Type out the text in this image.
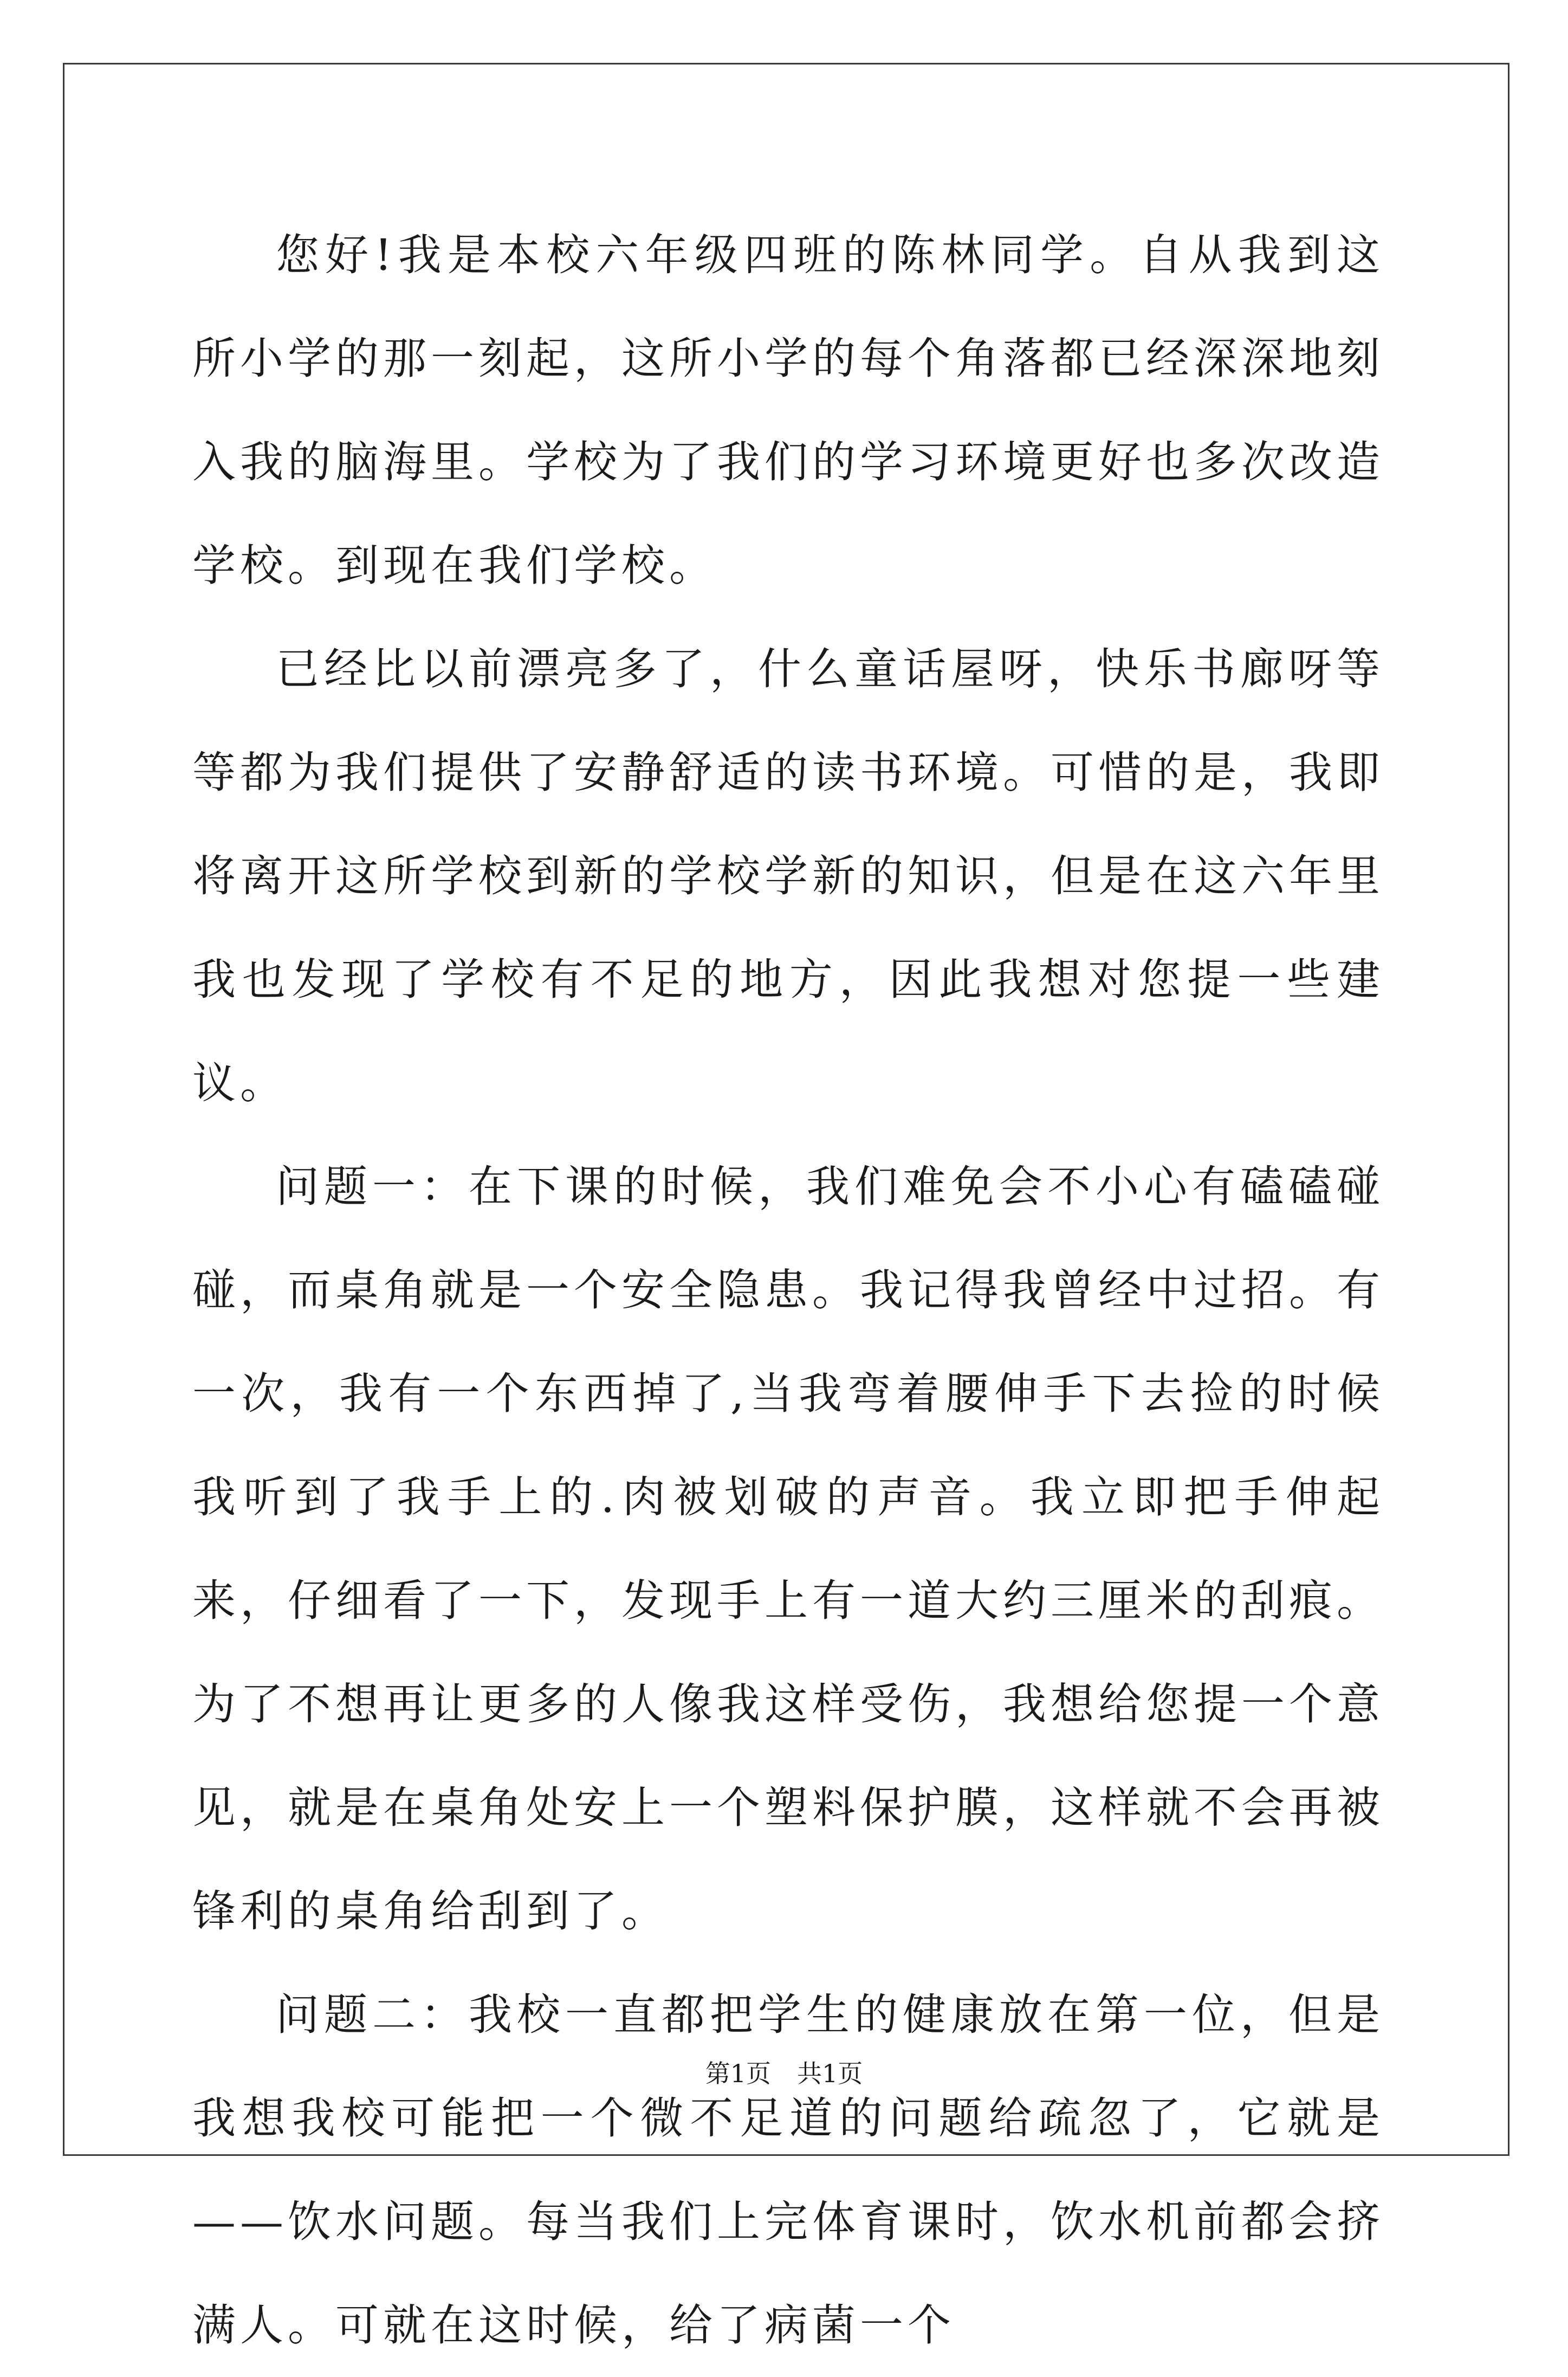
您好!我是本校六年级四班的陈林同学。自从我到这所小学的那一刻起，这所小学的每个角落都已经深深地刻入我的脑海里。学校为了我们的学习环境更好也多次改造学校。到现在我们学校。

已经比以前漂亮多了，什么童话屋呀，快乐书廊呀等等都为我们提供了安静舒适的读书环境。可惜的是，我即将离开这所学校到新的学校学新的知识，但是在这六年里我也发现了学校有不足的地方，因此我想对您提一些建议。

问题一：在下课的时候，我们难免会不小心有磕磕碰碰，而桌角就是一个安全隐患。我记得我曾经中过招。有一次，我有一个东西掉了,当我弯着腰伸手下去捡的时候我听到了我手上的.肉被划破的声音。我立即把手伸起来，仔细看了一下，发现手上有一道大约三厘米的刮痕。为了不想再让更多的人像我这样受伤，我想给您提一个意见，就是在桌角处安上一个塑料保护膜，这样就不会再被锋利的桌角给刮到了。

问题二：我校一直都把学生的健康放在第一位，但是我想我校可能把一个微不足道的问题给疏忽了，它就是——饮水问题。每当我们上完体育课时，饮水机前都会挤满人。可就在这时候，给了病菌一个

第1页 共1页
